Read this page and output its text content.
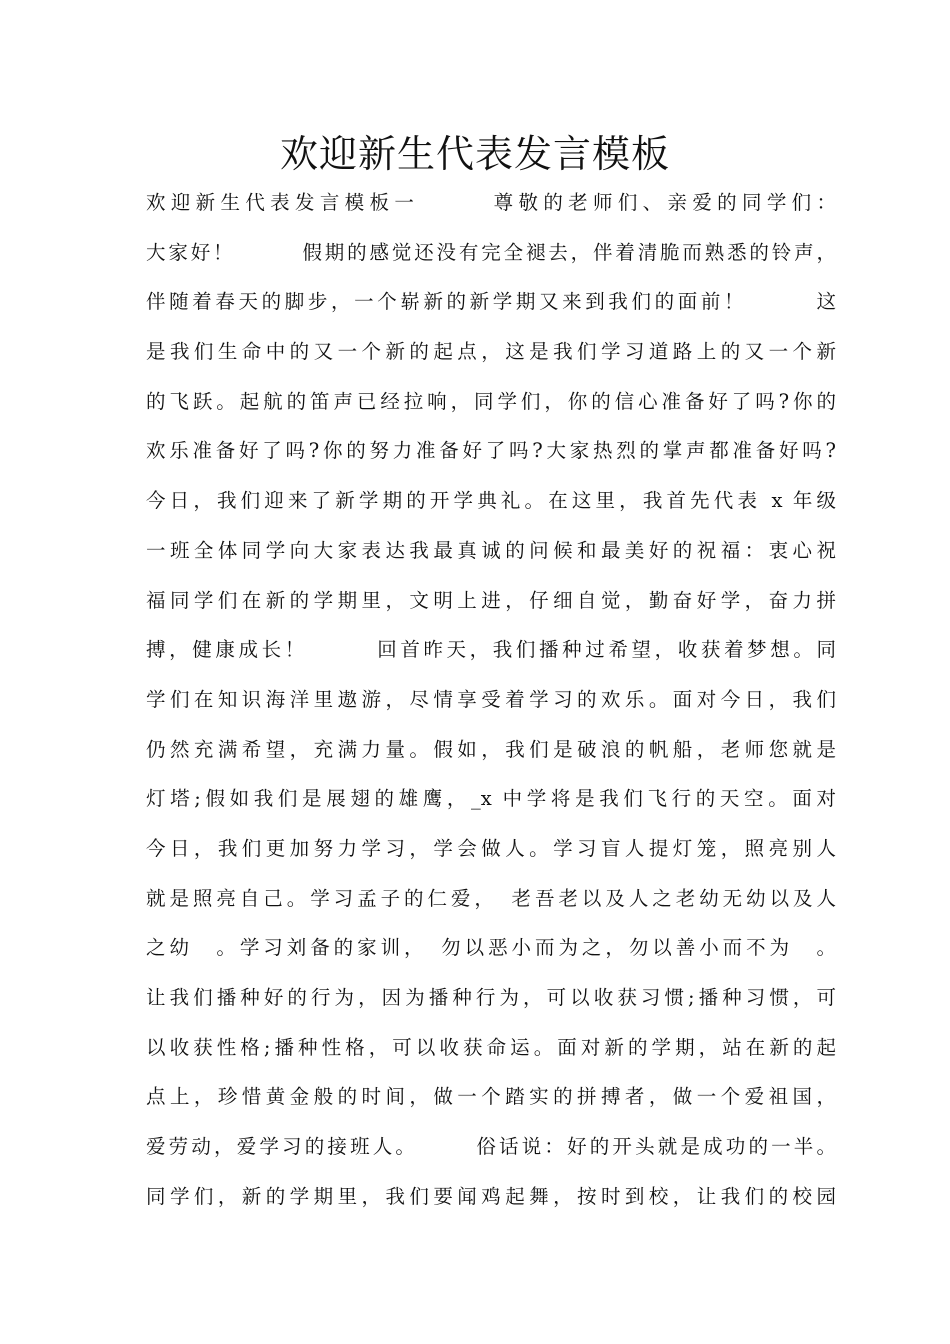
欢迎新生代表发言模板
欢迎新生代表发言模板一　　　尊敬的老师们、亲爱的同学们：
大家好！　　　假期的感觉还没有完全褪去，伴着清脆而熟悉的铃声，
伴随着春天的脚步，一个崭新的新学期又来到我们的面前！　　　这
是我们生命中的又一个新的起点，这是我们学习道路上的又一个新
的飞跃。起航的笛声已经拉响，同学们，你的信心准备好了吗?你的
欢乐准备好了吗?你的努力准备好了吗?大家热烈的掌声都准备好吗?
今日，我们迎来了新学期的开学典礼。在这里，我首先代表 x 年级
一班全体同学向大家表达我最真诚的问候和最美好的祝福：衷心祝
福同学们在新的学期里，文明上进，仔细自觉，勤奋好学，奋力拼
搏，健康成长！　　　回首昨天，我们播种过希望，收获着梦想。同
学们在知识海洋里遨游，尽情享受着学习的欢乐。面对今日，我们
仍然充满希望，充满力量。假如，我们是破浪的帆船，老师您就是
灯塔;假如我们是展翅的雄鹰，_x 中学将是我们飞行的天空。面对
今日，我们更加努力学习，学会做人。学习盲人提灯笼，照亮别人
就是照亮自己。学习孟子的仁爱，　老吾老以及人之老幼无幼以及人
之幼　。学习刘备的家训，　勿以恶小而为之，勿以善小而不为　。
让我们播种好的行为，因为播种行为，可以收获习惯;播种习惯，可
以收获性格;播种性格，可以收获命运。面对新的学期，站在新的起
点上，珍惜黄金般的时间，做一个踏实的拼搏者，做一个爱祖国，
爱劳动，爱学习的接班人。　　　俗话说：好的开头就是成功的一半。
同学们，新的学期里，我们要闻鸡起舞，按时到校，让我们的校园
